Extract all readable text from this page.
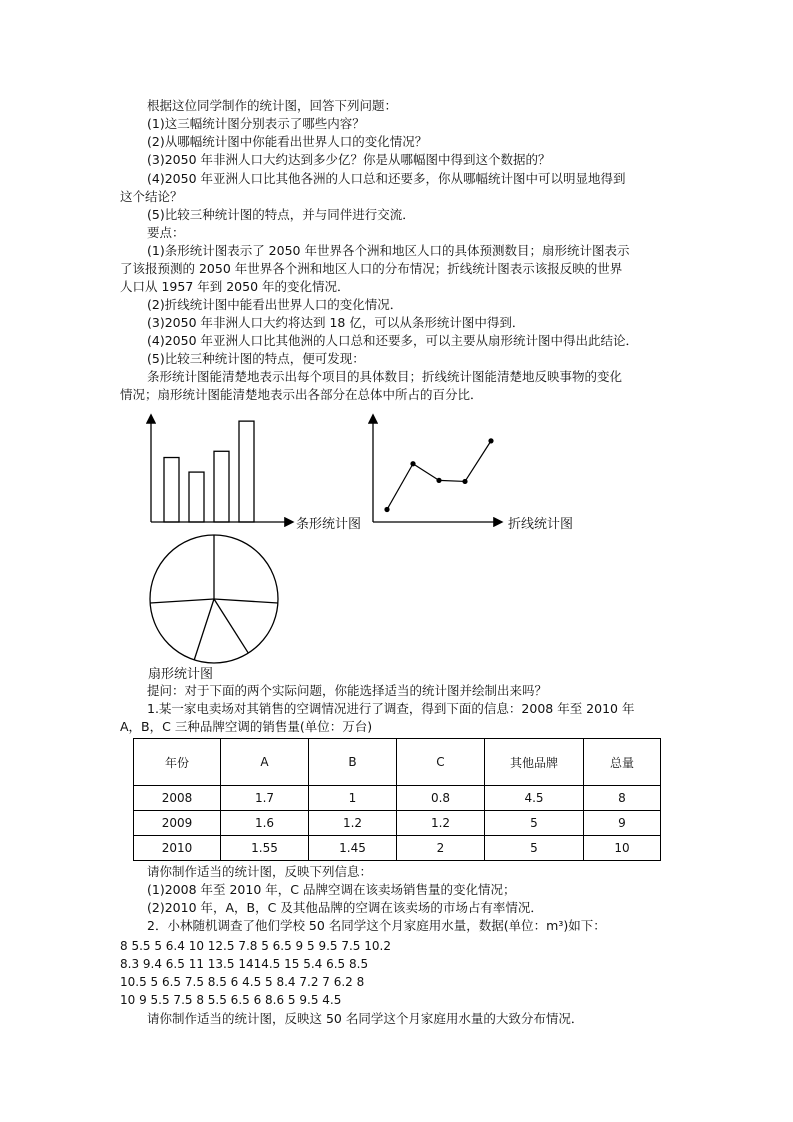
根据这位同学制作的统计图，回答下列问题：
(1)这三幅统计图分别表示了哪些内容？
(2)从哪幅统计图中你能看出世界人口的变化情况？
(3)2050 年非洲人口大约达到多少亿？你是从哪幅图中得到这个数据的？
(4)2050 年亚洲人口比其他各洲的人口总和还要多，你从哪幅统计图中可以明显地得到
这个结论？
(5)比较三种统计图的特点，并与同伴进行交流．
要点：
(1)条形统计图表示了 2050 年世界各个洲和地区人口的具体预测数目；扇形统计图表示
了该报预测的 2050 年世界各个洲和地区人口的分布情况；折线统计图表示该报反映的世界
人口从 1957 年到 2050 年的变化情况．
(2)折线统计图中能看出世界人口的变化情况．
(3)2050 年非洲人口大约将达到 18 亿，可以从条形统计图中得到．
(4)2050 年亚洲人口比其他洲的人口总和还要多，可以主要从扇形统计图中得出此结论．
(5)比较三种统计图的特点，便可发现：
条形统计图能清楚地表示出每个项目的具体数目；折线统计图能清楚地反映事物的变化
情况；扇形统计图能清楚地表示出各部分在总体中所占的百分比．
条形统计图	折线统计图
扇形统计图
提问：对于下面的两个实际问题，你能选择适当的统计图并绘制出来吗？
1.某一家电卖场对其销售的空调情况进行了调查，得到下面的信息：2008 年至 2010 年
A，B，C 三种品牌空调的销售量(单位：万台)
年份	A	B	C	其他品牌	总量
2008	1.7	1	0.8	4.5	8
2009	1.6	1.2	1.2	5	9
2010	1.55	1.45	2	5	10
请你制作适当的统计图，反映下列信息：
(1)2008 年至 2010 年，C 品牌空调在该卖场销售量的变化情况；
(2)2010 年，A，B，C 及其他品牌的空调在该卖场的市场占有率情况．
2．小林随机调查了他们学校 50 名同学这个月家庭用水量，数据(单位：m³)如下：
8 5.5 5 6.4 10 12.5 7.8 5 6.5 9 5 9.5 7.5 10.2
8.3 9.4 6.5 11 13.5 1414.5 15 5.4 6.5 8.5
10.5 5 6.5 7.5 8.5 6 4.5 5 8.4 7.2 7 6.2 8
10 9 5.5 7.5 8 5.5 6.5 6 8.6 5 9.5 4.5
请你制作适当的统计图，反映这 50 名同学这个月家庭用水量的大致分布情况．
